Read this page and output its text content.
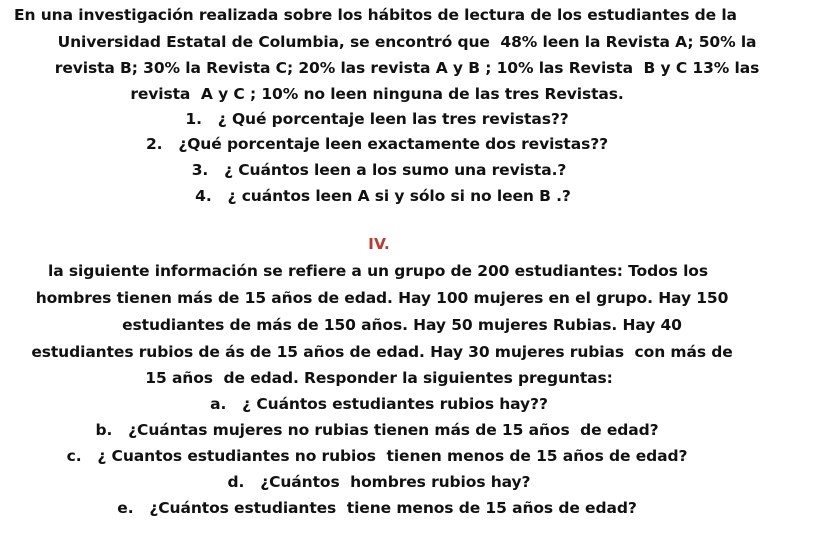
En una investigación realizada sobre los hábitos de lectura de los estudiantes de la
Universidad Estatal de Columbia, se encontró que  48% leen la Revista A; 50% la
revista B; 30% la Revista C; 20% las revista A y B ; 10% las Revista  B y C 13% las
revista  A y C ; 10% no leen ninguna de las tres Revistas.
1.   ¿ Qué porcentaje leen las tres revistas??
2.   ¿Qué porcentaje leen exactamente dos revistas??
3.   ¿ Cuántos leen a los sumo una revista.?
4.   ¿ cuántos leen A si y sólo si no leen B .?
IV.
la siguiente información se refiere a un grupo de 200 estudiantes: Todos los
hombres tienen más de 15 años de edad. Hay 100 mujeres en el grupo. Hay 150
estudiantes de más de 150 años. Hay 50 mujeres Rubias. Hay 40
estudiantes rubios de ás de 15 años de edad. Hay 30 mujeres rubias  con más de
15 años  de edad. Responder la siguientes preguntas:
a.   ¿ Cuántos estudiantes rubios hay??
b.   ¿Cuántas mujeres no rubias tienen más de 15 años  de edad?
c.   ¿ Cuantos estudiantes no rubios  tienen menos de 15 años de edad?
d.   ¿Cuántos  hombres rubios hay?
e.   ¿Cuántos estudiantes  tiene menos de 15 años de edad?
